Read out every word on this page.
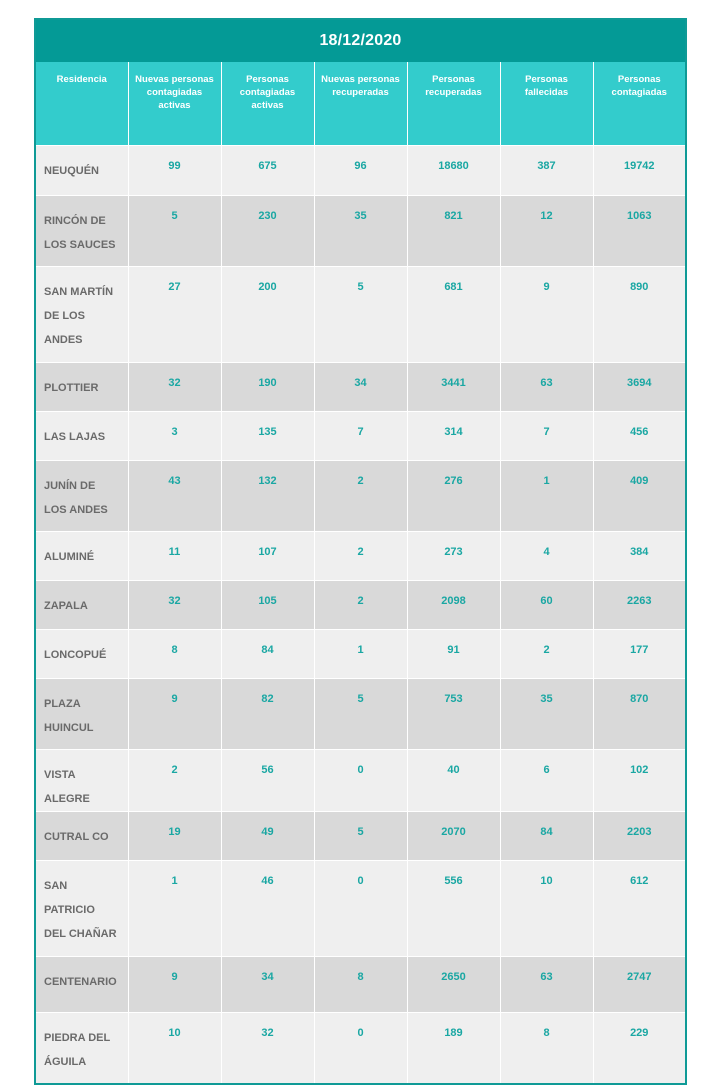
18/12/2020
Residencia	Nuevas personas contagiadas activas	Personas contagiadas activas	Nuevas personas recuperadas	Personas recuperadas	Personas fallecidas	Personas contagiadas
NEUQUÉN	99	675	96	18680	387	19742
RINCÓN DE LOS SAUCES	5	230	35	821	12	1063
SAN MARTÍN DE LOS ANDES	27	200	5	681	9	890
PLOTTIER	32	190	34	3441	63	3694
LAS LAJAS	3	135	7	314	7	456
JUNÍN DE LOS ANDES	43	132	2	276	1	409
ALUMINÉ	11	107	2	273	4	384
ZAPALA	32	105	2	2098	60	2263
LONCOPUÉ	8	84	1	91	2	177
PLAZA HUINCUL	9	82	5	753	35	870
VISTA ALEGRE	2	56	0	40	6	102
CUTRAL CO	19	49	5	2070	84	2203
SAN PATRICIO DEL CHAÑAR	1	46	0	556	10	612
CENTENARIO	9	34	8	2650	63	2747
PIEDRA DEL ÁGUILA	10	32	0	189	8	229
